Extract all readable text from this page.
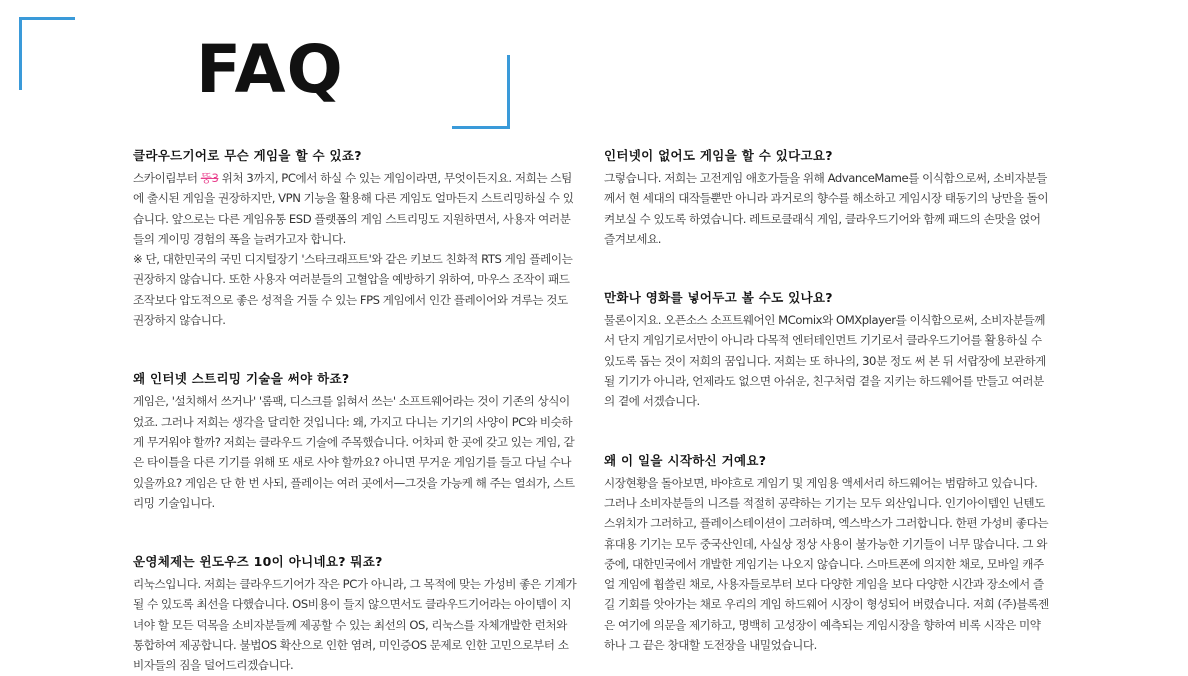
FAQ

클라우드기어로 무슨 게임을 할 수 있죠?

스카이림부터 뚱3 위처 3까지, PC에서 하실 수 있는 게임이라면, 무엇이든지요. 저희는 스팀에 출시된 게임을 권장하지만, VPN 기능을 활용해 다른 게임도 얼마든지 스트리밍하실 수 있습니다. 앞으로는 다른 게임유통 ESD 플랫폼의 게임 스트리밍도 지원하면서, 사용자 여러분들의 게이밍 경험의 폭을 늘려가고자 합니다.

※ 단, 대한민국의 국민 디지털장기 '스타크래프트'와 같은 키보드 친화적 RTS 게임 플레이는 권장하지 않습니다. 또한 사용자 여러분들의 고혈압을 예방하기 위하여, 마우스 조작이 패드 조작보다 압도적으로 좋은 성적을 거둘 수 있는 FPS 게임에서 인간 플레이어와 겨루는 것도 권장하지 않습니다.

왜 인터넷 스트리밍 기술을 써야 하죠?

게임은, '설치해서 쓰거나' '롬팩, 디스크를 읽혀서 쓰는' 소프트웨어라는 것이 기존의 상식이었죠. 그러나 저희는 생각을 달리한 것입니다: 왜, 가지고 다니는 기기의 사양이 PC와 비슷하게 무거워야 할까? 저희는 클라우드 기술에 주목했습니다. 어차피 한 곳에 갖고 있는 게임, 같은 타이틀을 다른 기기를 위해 또 새로 사야 할까요? 아니면 무거운 게임기를 들고 다닐 수나 있을까요? 게임은 단 한 번 사되, 플레이는 여러 곳에서—그것을 가능케 해 주는 열쇠가, 스트리밍 기술입니다.

운영체제는 윈도우즈 10이 아니네요? 뭐죠?

리눅스입니다. 저희는 클라우드기어가 작은 PC가 아니라, 그 목적에 맞는 가성비 좋은 기계가 될 수 있도록 최선을 다했습니다. OS비용이 들지 않으면서도 클라우드기어라는 아이템이 지녀야 할 모든 덕목을 소비자분들께 제공할 수 있는 최선의 OS, 리눅스를 자체개발한 런처와 통합하여 제공합니다. 불법OS 확산으로 인한 염려, 미인증OS 문제로 인한 고민으로부터 소비자들의 짐을 덜어드리겠습니다.

인터넷이 없어도 게임을 할 수 있다고요?

그렇습니다. 저희는 고전게임 애호가들을 위해 AdvanceMame를 이식함으로써, 소비자분들께서 현 세대의 대작들뿐만 아니라 과거로의 향수를 해소하고 게임시장 태동기의 낭만을 돌이켜보실 수 있도록 하였습니다. 레트로클래식 게임, 클라우드기어와 함께 패드의 손맛을 얹어 즐겨보세요.

만화나 영화를 넣어두고 볼 수도 있나요?

물론이지요. 오픈소스 소프트웨어인 MComix와 OMXplayer를 이식함으로써, 소비자분들께서 단지 게임기로서만이 아니라 다목적 엔터테인먼트 기기로서 클라우드기어를 활용하실 수 있도록 돕는 것이 저희의 꿈입니다. 저희는 또 하나의, 30분 정도 써 본 뒤 서랍장에 보관하게 될 기기가 아니라, 언제라도 없으면 아쉬운, 친구처럼 곁을 지키는 하드웨어를 만들고 여러분의 곁에 서겠습니다.

왜 이 일을 시작하신 거예요?

시장현황을 돌아보면, 바야흐로 게임기 및 게임용 액세서리 하드웨어는 범람하고 있습니다. 그러나 소비자분들의 니즈를 적절히 공략하는 기기는 모두 외산입니다. 인기아이템인 닌텐도 스위치가 그러하고, 플레이스테이션이 그러하며, 엑스박스가 그러합니다. 한편 가성비 좋다는 휴대용 기기는 모두 중국산인데, 사실상 정상 사용이 불가능한 기기들이 너무 많습니다. 그 와중에, 대한민국에서 개발한 게임기는 나오지 않습니다. 스마트폰에 의지한 채로, 모바일 캐주얼 게임에 휩쓸린 채로, 사용자들로부터 보다 다양한 게임을 보다 다양한 시간과 장소에서 즐길 기회를 앗아가는 채로 우리의 게임 하드웨어 시장이 형성되어 버렸습니다. 저희 (주)블록젠은 여기에 의문을 제기하고, 명백히 고성장이 예측되는 게임시장을 향하여 비록 시작은 미약하나 그 끝은 창대할 도전장을 내밀었습니다.
